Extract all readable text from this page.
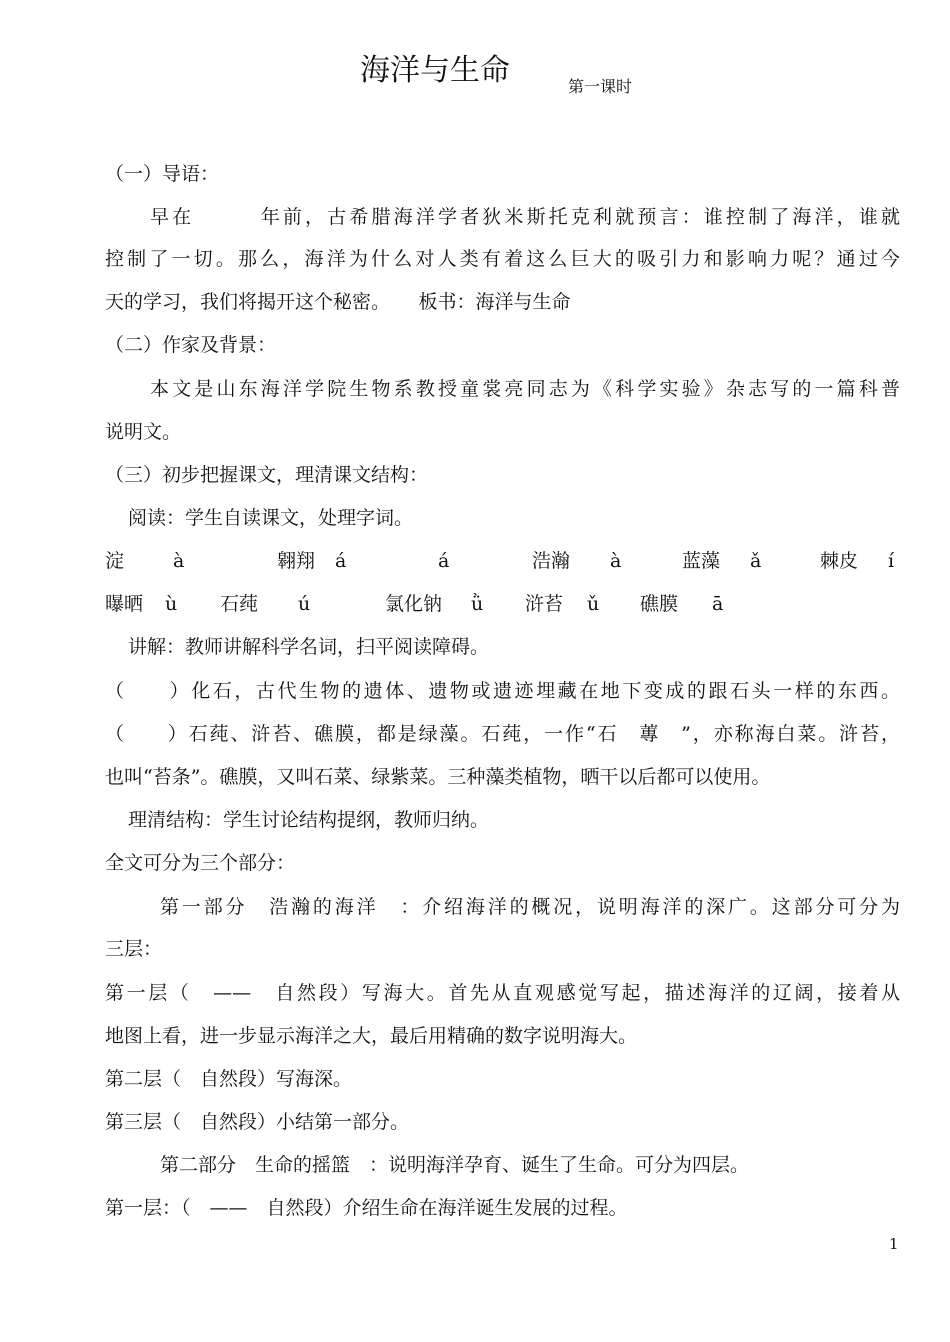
海洋与生命	第一课时
（一）导语：
早在　　　年前，古希腊海洋学者狄米斯托克利就预言：谁控制了海洋，谁就
控制了一切。那么，海洋为什么对人类有着这么巨大的吸引力和影响力呢？通过今
天的学习，我们将揭开这个秘密。　　板书：海洋与生命
（二）作家及背景：
本文是山东海洋学院生物系教授童裳亮同志为《科学实验》杂志写的一篇科普
说明文。
（三）初步把握课文，理清课文结构：
阅读：学生自读课文，处理字词。
淀	à	翱翔 á	á	浩瀚 à	蓝藻 ǎ	棘皮 í
曝晒 ù 石莼 ú	氯化钠 ǜ 浒苔 ǔ 礁膜 ā
讲解：教师讲解科学名词，扫平阅读障碍。
（　　）化石，古代生物的遗体、遗物或遗迹埋藏在地下变成的跟石头一样的东西。
（　　）石莼、浒苔、礁膜，都是绿藻。石莼，一作“石　蓴　”，亦称海白菜。浒苔，
也叫“苔条”。礁膜，又叫石菜、绿紫菜。三种藻类植物，晒干以后都可以使用。
理清结构：学生讨论结构提纲，教师归纳。
全文可分为三个部分：
第一部分　浩瀚的海洋　：介绍海洋的概况，说明海洋的深广。这部分可分为
三层：
第一层（　——　自然段）写海大。首先从直观感觉写起，描述海洋的辽阔，接着从
地图上看，进一步显示海洋之大，最后用精确的数字说明海大。
第二层（　自然段）写海深。
第三层（　自然段）小结第一部分。
第二部分　生命的摇篮　：说明海洋孕育、诞生了生命。可分为四层。
第一层：（　——　自然段）介绍生命在海洋诞生发展的过程。
1
